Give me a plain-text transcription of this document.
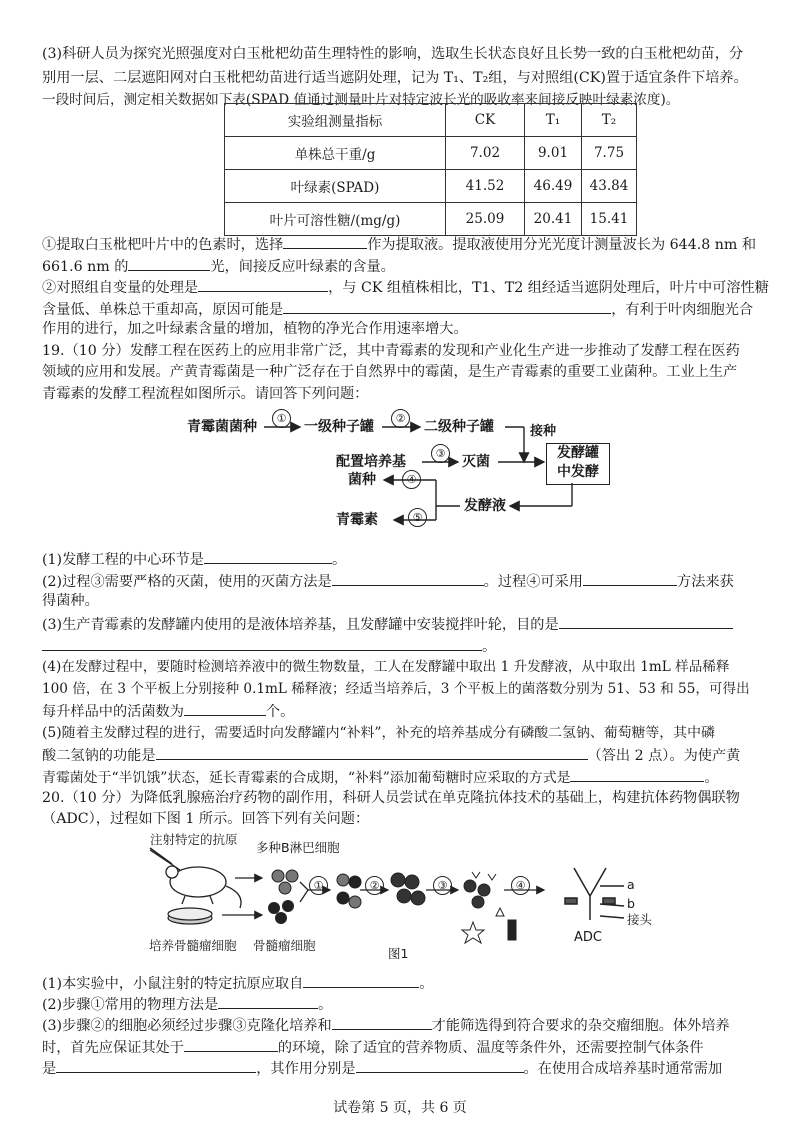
(3)科研人员为探究光照强度对白玉枇杷幼苗生理特性的影响，选取生长状态良好且长势一致的白玉枇杷幼苗，分
别用一层、二层遮阳网对白玉枇杷幼苗进行适当遮阴处理，记为 T₁、T₂组，与对照组(CK)置于适宜条件下培养。
一段时间后，测定相关数据如下表(SPAD 值通过测量叶片对特定波长光的吸收率来间接反映叶绿素浓度)。
实验组测量指标	CK	T₁	T₂
单株总干重/g	7.02	9.01	7.75
叶绿素(SPAD)	41.52	46.49	43.84
叶片可溶性糖/(mg/g)	25.09	20.41	15.41
①提取白玉枇杷叶片中的色素时，选择	作为提取液。提取液使用分光光度计测量波长为 644.8 nm 和
661.6 nm 的	光，间接反应叶绿素的含量。
②对照组自变量的处理是	，与 CK 组植株相比，T1、T2 组经适当遮阴处理后，叶片中可溶性糖
含量低、单株总干重却高，原因可能是	，有利于叶肉细胞光合
作用的进行，加之叶绿素含量的增加，植物的净光合作用速率增大。
19.（10 分）发酵工程在医药上的应用非常广泛，其中青霉素的发现和产业化生产进一步推动了发酵工程在医药
领域的应用和发展。产黄青霉菌是一种广泛存在于自然界中的霉菌，是生产青霉素的重要工业菌种。工业上生产
青霉素的发酵工程流程如图所示。请回答下列问题：
青霉菌菌种	一级种子罐	二级种子罐	接种
配置培养基	灭菌
发酵罐
中发酵
发酵液
菌种
青霉素
①	②
③
④
⑤
(1)发酵工程的中心环节是	。
(2)过程③需要严格的灭菌，使用的灭菌方法是	。过程④可采用	方法来获
得菌种。
(3)生产青霉素的发酵罐内使用的是液体培养基，且发酵罐中安装搅拌叶轮，目的是
。
(4)在发酵过程中，要随时检测培养液中的微生物数量，工人在发酵罐中取出 1 升发酵液，从中取出 1mL 样品稀释
100 倍，在 3 个平板上分别接种 0.1mL 稀释液；经适当培养后，3 个平板上的菌落数分别为 51、53 和 55，可得出
每升样品中的活菌数为	个。
(5)随着主发酵过程的进行，需要适时向发酵罐内“补料”，补充的培养基成分有磷酸二氢钠、葡萄糖等，其中磷
酸二氢钠的功能是	（答出 2 点）。为使产黄
青霉菌处于“半饥饿”状态，延长青霉素的合成期，“补料”添加葡萄糖时应采取的方式是	。
20.（10 分）为降低乳腺癌治疗药物的副作用，科研人员尝试在单克隆抗体技术的基础上，构建抗体药物偶联物
（ADC），过程如下图 1 所示。回答下列有关问题：
注射特定的抗原
多种B淋巴细胞
培养骨髓瘤细胞 骨髓瘤细胞
ADC
a
b
接头
图1
①	②	③	④
(1)本实验中，小鼠注射的特定抗原应取自	。
(2)步骤①常用的物理方法是	。
(3)步骤②的细胞必须经过步骤③克隆化培养和	才能筛选得到符合要求的杂交瘤细胞。体外培养
时，首先应保证其处于	的环境，除了适宜的营养物质、温度等条件外，还需要控制气体条件
是	，其作用分别是	。在使用合成培养基时通常需加
试卷第 5 页，共 6 页
